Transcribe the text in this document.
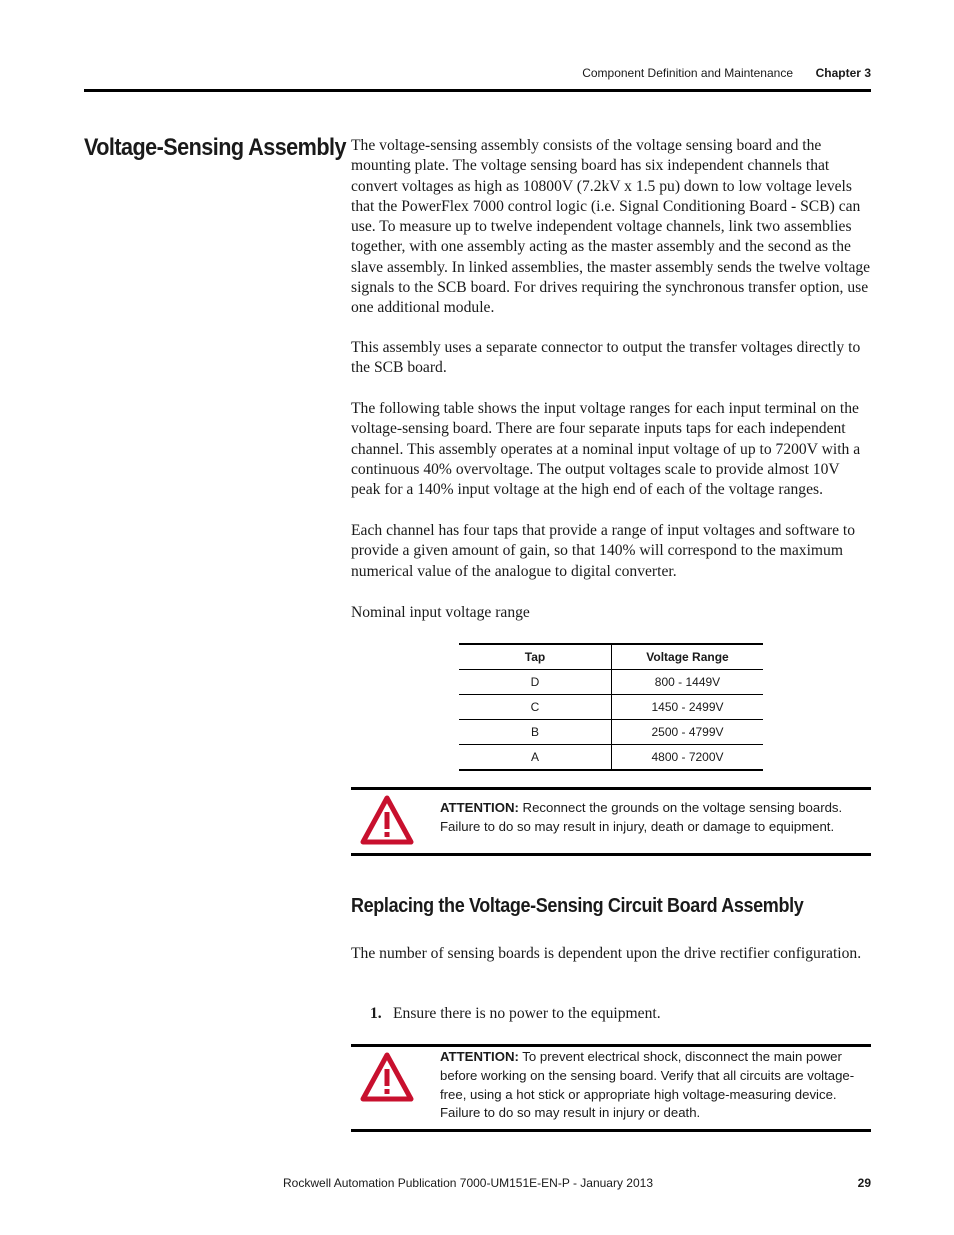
Component Definition and Maintenance Chapter 3
Voltage-Sensing Assembly The voltage-sensing assembly consists of the voltage sensing board and the mounting plate. The voltage sensing board has six independent channels that convert voltages as high as 10800V (7.2kV x 1.5 pu) down to low voltage levels that the PowerFlex 7000 control logic (i.e. Signal Conditioning Board - SCB) can use. To measure up to twelve independent voltage channels, link two assemblies together, with one assembly acting as the master assembly and the second as the slave assembly. In linked assemblies, the master assembly sends the twelve voltage signals to the SCB board. For drives requiring the synchronous transfer option, use one additional module.

This assembly uses a separate connector to output the transfer voltages directly to the SCB board.

The following table shows the input voltage ranges for each input terminal on the voltage-sensing board. There are four separate inputs taps for each independent channel. This assembly operates at a nominal input voltage of up to 7200V with a continuous 40% overvoltage. The output voltages scale to provide almost 10V peak for a 140% input voltage at the high end of each of the voltage ranges.

Each channel has four taps that provide a range of input voltages and software to provide a given amount of gain, so that 140% will correspond to the maximum numerical value of the analogue to digital converter.

Nominal input voltage range

Tap	Voltage Range
D	800 - 1449V
C	1450 - 2499V
B	2500 - 4799V
A	4800 - 7200V
ATTENTION: Reconnect the grounds on the voltage sensing boards. Failure to do so may result in injury, death or damage to equipment.
Replacing the Voltage-Sensing Circuit Board Assembly

The number of sensing boards is dependent upon the drive rectifier configuration.

1. Ensure there is no power to the equipment.
ATTENTION: To prevent electrical shock, disconnect the main power before working on the sensing board. Verify that all circuits are voltage-free, using a hot stick or appropriate high voltage-measuring device. Failure to do so may result in injury or death.
Rockwell Automation Publication 7000-UM151E-EN-P - January 2013	29
